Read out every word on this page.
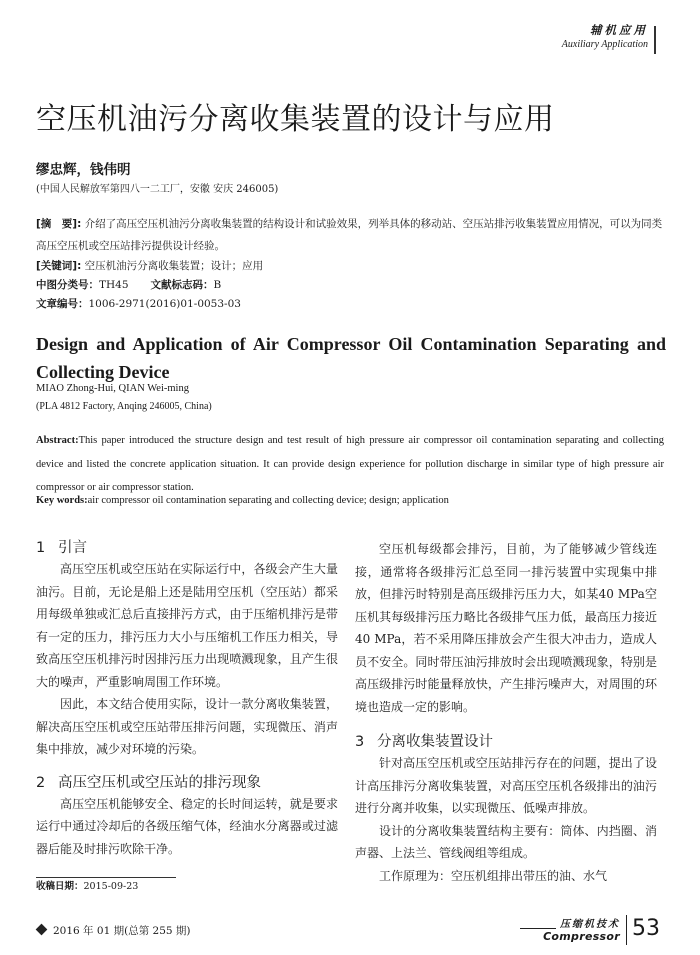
辅机应用
Auxiliary Application
空压机油污分离收集装置的设计与应用
缪忠辉，钱伟明
(中国人民解放军第四八一二工厂，安徽 安庆 246005)
[摘　要]: 介绍了高压空压机油污分离收集装置的结构设计和试验效果，列举具体的移动站、空压站排污收集装置应用情况，可以为同类高压空压机或空压站排污提供设计经验。
[关键词]: 空压机油污分离收集装置；设计；应用
中图分类号：TH45 文献标志码：B
文章编号：1006-2971(2016)01-0053-03
Design and Application of Air Compressor Oil Contamination Separating and Collecting Device
MIAO Zhong-Hui, QIAN Wei-ming
(PLA 4812 Factory, Anqing 246005, China)
Abstract:This paper introduced the structure design and test result of high pressure air compressor oil contamination separating and collecting device and listed the concrete application situation. It can provide design experience for pollution discharge in similar type of high pressure air compressor or air compressor station.
Key words:air compressor oil contamination separating and collecting device; design; application
1 引言

高压空压机或空压站在实际运行中，各级会产生大量油污。目前，无论是船上还是陆用空压机（空压站）都采用每级单独或汇总后直接排污方式，由于压缩机排污是带有一定的压力，排污压力大小与压缩机工作压力相关，导致高压空压机排污时因排污压力出现喷溅现象，且产生很大的噪声，严重影响周围工作环境。

因此，本文结合使用实际，设计一款分离收集装置，解决高压空压机或空压站带压排污问题，实现微压、消声集中排放，减少对环境的污染。

2 高压空压机或空压站的排污现象

高压空压机能够安全、稳定的长时间运转，就是要求运行中通过冷却后的各级压缩气体，经油水分离器或过滤器后能及时排污吹除干净。

空压机每级都会排污，目前，为了能够减少管线连接，通常将各级排污汇总至同一排污装置中实现集中排放，但排污时特别是高压级排污压力大，如某40 MPa空压机其每级排污压力略比各级排气压力低，最高压力接近40 MPa，若不采用降压排放会产生很大冲击力，造成人员不安全。同时带压油污排放时会出现喷溅现象，特别是高压级排污时能量释放快，产生排污噪声大，对周围的环境也造成一定的影响。

3 分离收集装置设计

针对高压空压机或空压站排污存在的问题，提出了设计高压排污分离收集装置，对高压空压机各级排出的油污进行分离并收集，以实现微压、低噪声排放。

设计的分离收集装置结构主要有：筒体、内挡圈、消声器、上法兰、管线阀组等组成。

工作原理为：空压机组排出带压的油、水气

收稿日期：2015-09-23
2016 年 01 期(总第 255 期)
压缩机技术
Compressor 53
